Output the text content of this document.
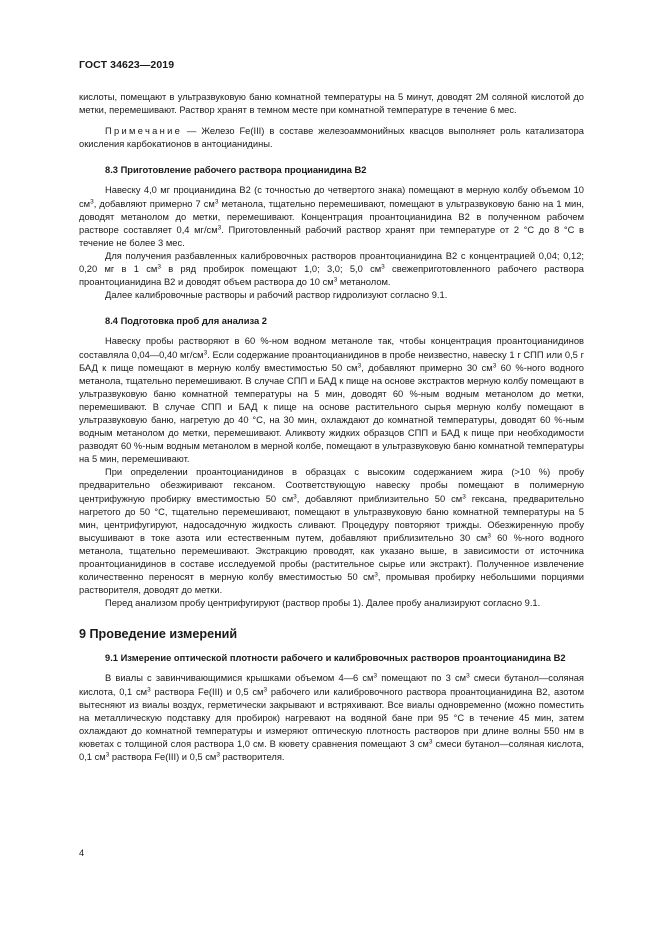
ГОСТ 34623—2019

кислоты, помещают в ультразвуковую баню комнатной температуры на 5 минут, доводят 2М соляной кислотой до метки, перемешивают. Раствор хранят в темном месте при комнатной температуре в течение 6 мес.

Примечание — Железо Fe(III) в составе железоаммонийных квасцов выполняет роль катализатора окисления карбокатионов в антоцианидины.

8.3 Приготовление рабочего раствора процианидина В2

Навеску 4,0 мг процианидина В2 (с точностью до четвертого знака) помещают в мерную колбу объемом 10 $см^3$, добавляют примерно 7 $см^3$ метанола, тщательно перемешивают, помещают в ультразвуковую баню на 1 мин, доводят метанолом до метки, перемешивают. Концентрация проантоцианидина В2 в полученном рабочем растворе составляет 0,4 $мг/см^3$. Приготовленный рабочий раствор хранят при температуре от 2 °С до 8 °С в течение не более 3 мес.

Для получения разбавленных калибровочных растворов проантоцианидина В2 с концентрацией 0,04; 0,12; 0,20 мг в 1 $см^3$ в ряд пробирок помещают 1,0; 3,0; 5,0 $см^3$ свежеприготовленного рабочего раствора проантоцианидина В2 и доводят объем раствора до 10 $см^3$ метанолом.

Далее калибровочные растворы и рабочий раствор гидролизуют согласно 9.1.

8.4 Подготовка проб для анализа 2

Навеску пробы растворяют в 60 %-ном водном метаноле так, чтобы концентрация проантоцианидинов составляла 0,04—0,40 $мг/см^3$. Если содержание проантоцианидинов в пробе неизвестно, навеску 1 г СПП или 0,5 г БАД к пище помещают в мерную колбу вместимостью 50 $см^3$, добавляют примерно 30 $см^3$ 60 %-ного водного метанола, тщательно перемешивают. В случае СПП и БАД к пище на основе экстрактов мерную колбу помещают в ультразвуковую баню комнатной температуры на 5 мин, доводят 60 %-ным водным метанолом до метки, перемешивают. В случае СПП и БАД к пище на основе растительного сырья мерную колбу помещают в ультразвуковую баню, нагретую до 40 °С, на 30 мин, охлаждают до комнатной температуры, доводят 60 %-ным водным метанолом до метки, перемешивают. Аликвоту жидких образцов СПП и БАД к пище при необходимости разводят 60 %-ным водным метанолом в мерной колбе, помещают в ультразвуковую баню комнатной температуры на 5 мин, перемешивают.

При определении проантоцианидинов в образцах с высоким содержанием жира (>10 %) пробу предварительно обезжиривают гексаном. Соответствующую навеску пробы помещают в полимерную центрифужную пробирку вместимостью 50 $см^3$, добавляют приблизительно 50 $см^3$ гексана, предварительно нагретого до 50 °С, тщательно перемешивают, помещают в ультразвуковую баню комнатной температуры на 5 мин, центрифугируют, надосадочную жидкость сливают. Процедуру повторяют трижды. Обезжиренную пробу высушивают в токе азота или естественным путем, добавляют приблизительно 30 $см^3$ 60 %-ного водного метанола, тщательно перемешивают. Экстракцию проводят, как указано выше, в зависимости от источника проантоцианидинов в составе исследуемой пробы (растительное сырье или экстракт). Полученное извлечение количественно переносят в мерную колбу вместимостью 50 $см^3$, промывая пробирку небольшими порциями растворителя, доводят до метки.

Перед анализом пробу центрифугируют (раствор пробы 1). Далее пробу анализируют согласно 9.1.

9 Проведение измерений

9.1 Измерение оптической плотности рабочего и калибровочных растворов проантоцианидина В2

В виалы с завинчивающимися крышками объемом 4—6 $см^3$ помещают по 3 $см^3$ смеси бутанол—соляная кислота, 0,1 $см^3$ раствора Fe(III) и 0,5 $см^3$ рабочего или калибровочного раствора проантоцианидина В2, азотом вытесняют из виалы воздух, герметически закрывают и встряхивают. Все виалы одновременно (можно поместить на металлическую подставку для пробирок) нагревают на водяной бане при 95 °С в течение 45 мин, затем охлаждают до комнатной температуры и измеряют оптическую плотность растворов при длине волны 550 нм в кюветах с толщиной слоя раствора 1,0 см. В кювету сравнения помещают 3 $см^3$ смеси бутанол—соляная кислота, 0,1 $см^3$ раствора Fe(III) и 0,5 $см^3$ растворителя.

4
